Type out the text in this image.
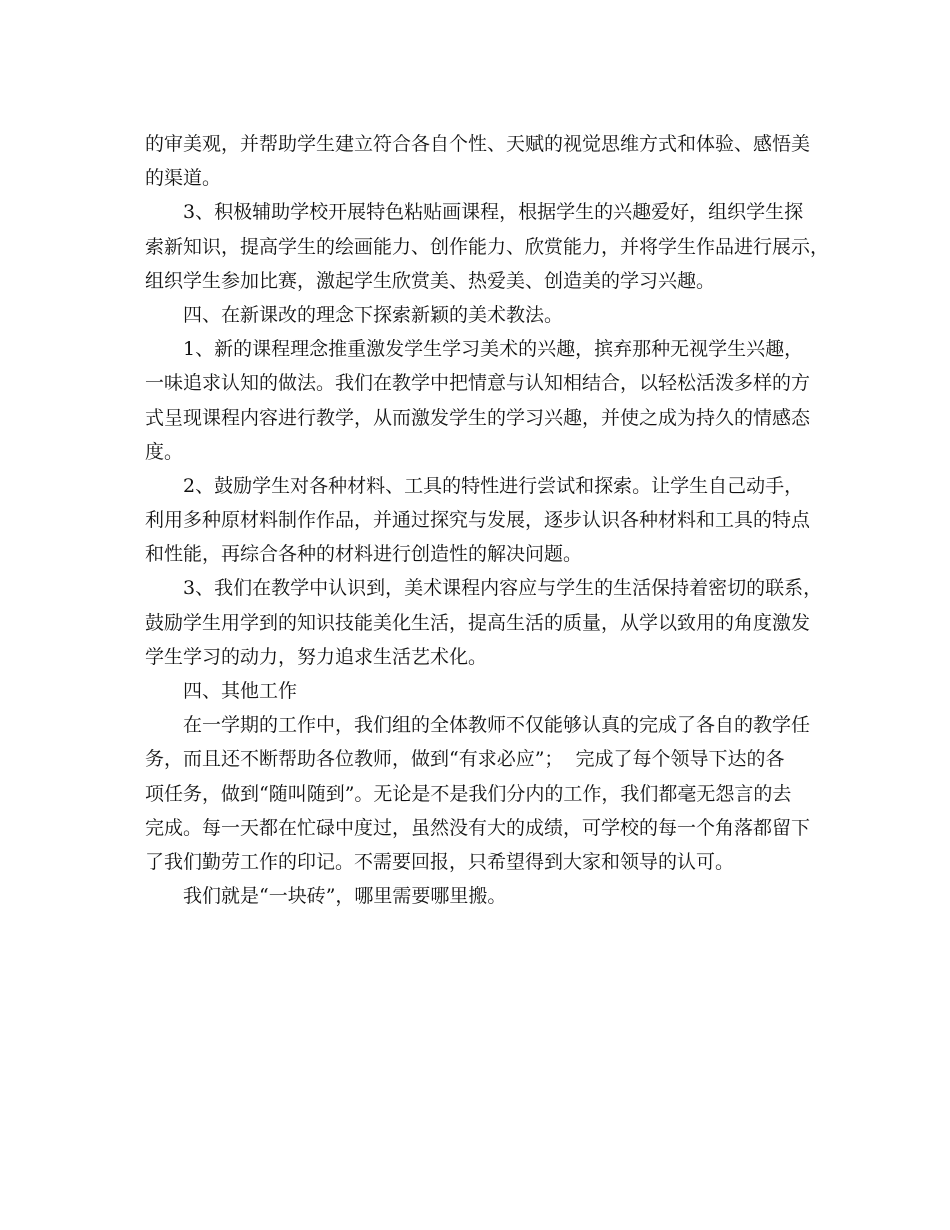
的审美观，并帮助学生建立符合各自个性、天赋的视觉思维方式和体验、感悟美
的渠道。
3、积极辅助学校开展特色粘贴画课程，根据学生的兴趣爱好，组织学生探
索新知识，提高学生的绘画能力、创作能力、欣赏能力，并将学生作品进行展示，
组织学生参加比赛，激起学生欣赏美、热爱美、创造美的学习兴趣。
四、在新课改的理念下探索新颖的美术教法。
1、新的课程理念推重激发学生学习美术的兴趣，摈弃那种无视学生兴趣，
一味追求认知的做法。我们在教学中把情意与认知相结合，以轻松活泼多样的方
式呈现课程内容进行教学，从而激发学生的学习兴趣，并使之成为持久的情感态
度。
2、鼓励学生对各种材料、工具的特性进行尝试和探索。让学生自己动手，
利用多种原材料制作作品，并通过探究与发展，逐步认识各种材料和工具的特点
和性能，再综合各种的材料进行创造性的解决问题。
3、我们在教学中认识到，美术课程内容应与学生的生活保持着密切的联系，
鼓励学生用学到的知识技能美化生活，提高生活的质量，从学以致用的角度激发
学生学习的动力，努力追求生活艺术化。
四、其他工作
在一学期的工作中，我们组的全体教师不仅能够认真的完成了各自的教学任
务，而且还不断帮助各位教师，做到“有求必应”；  完成了每个领导下达的各
项任务，做到“随叫随到”。无论是不是我们分内的工作，我们都毫无怨言的去
完成。每一天都在忙碌中度过，虽然没有大的成绩，可学校的每一个角落都留下
了我们勤劳工作的印记。不需要回报，只希望得到大家和领导的认可。
我们就是“一块砖”，哪里需要哪里搬。
